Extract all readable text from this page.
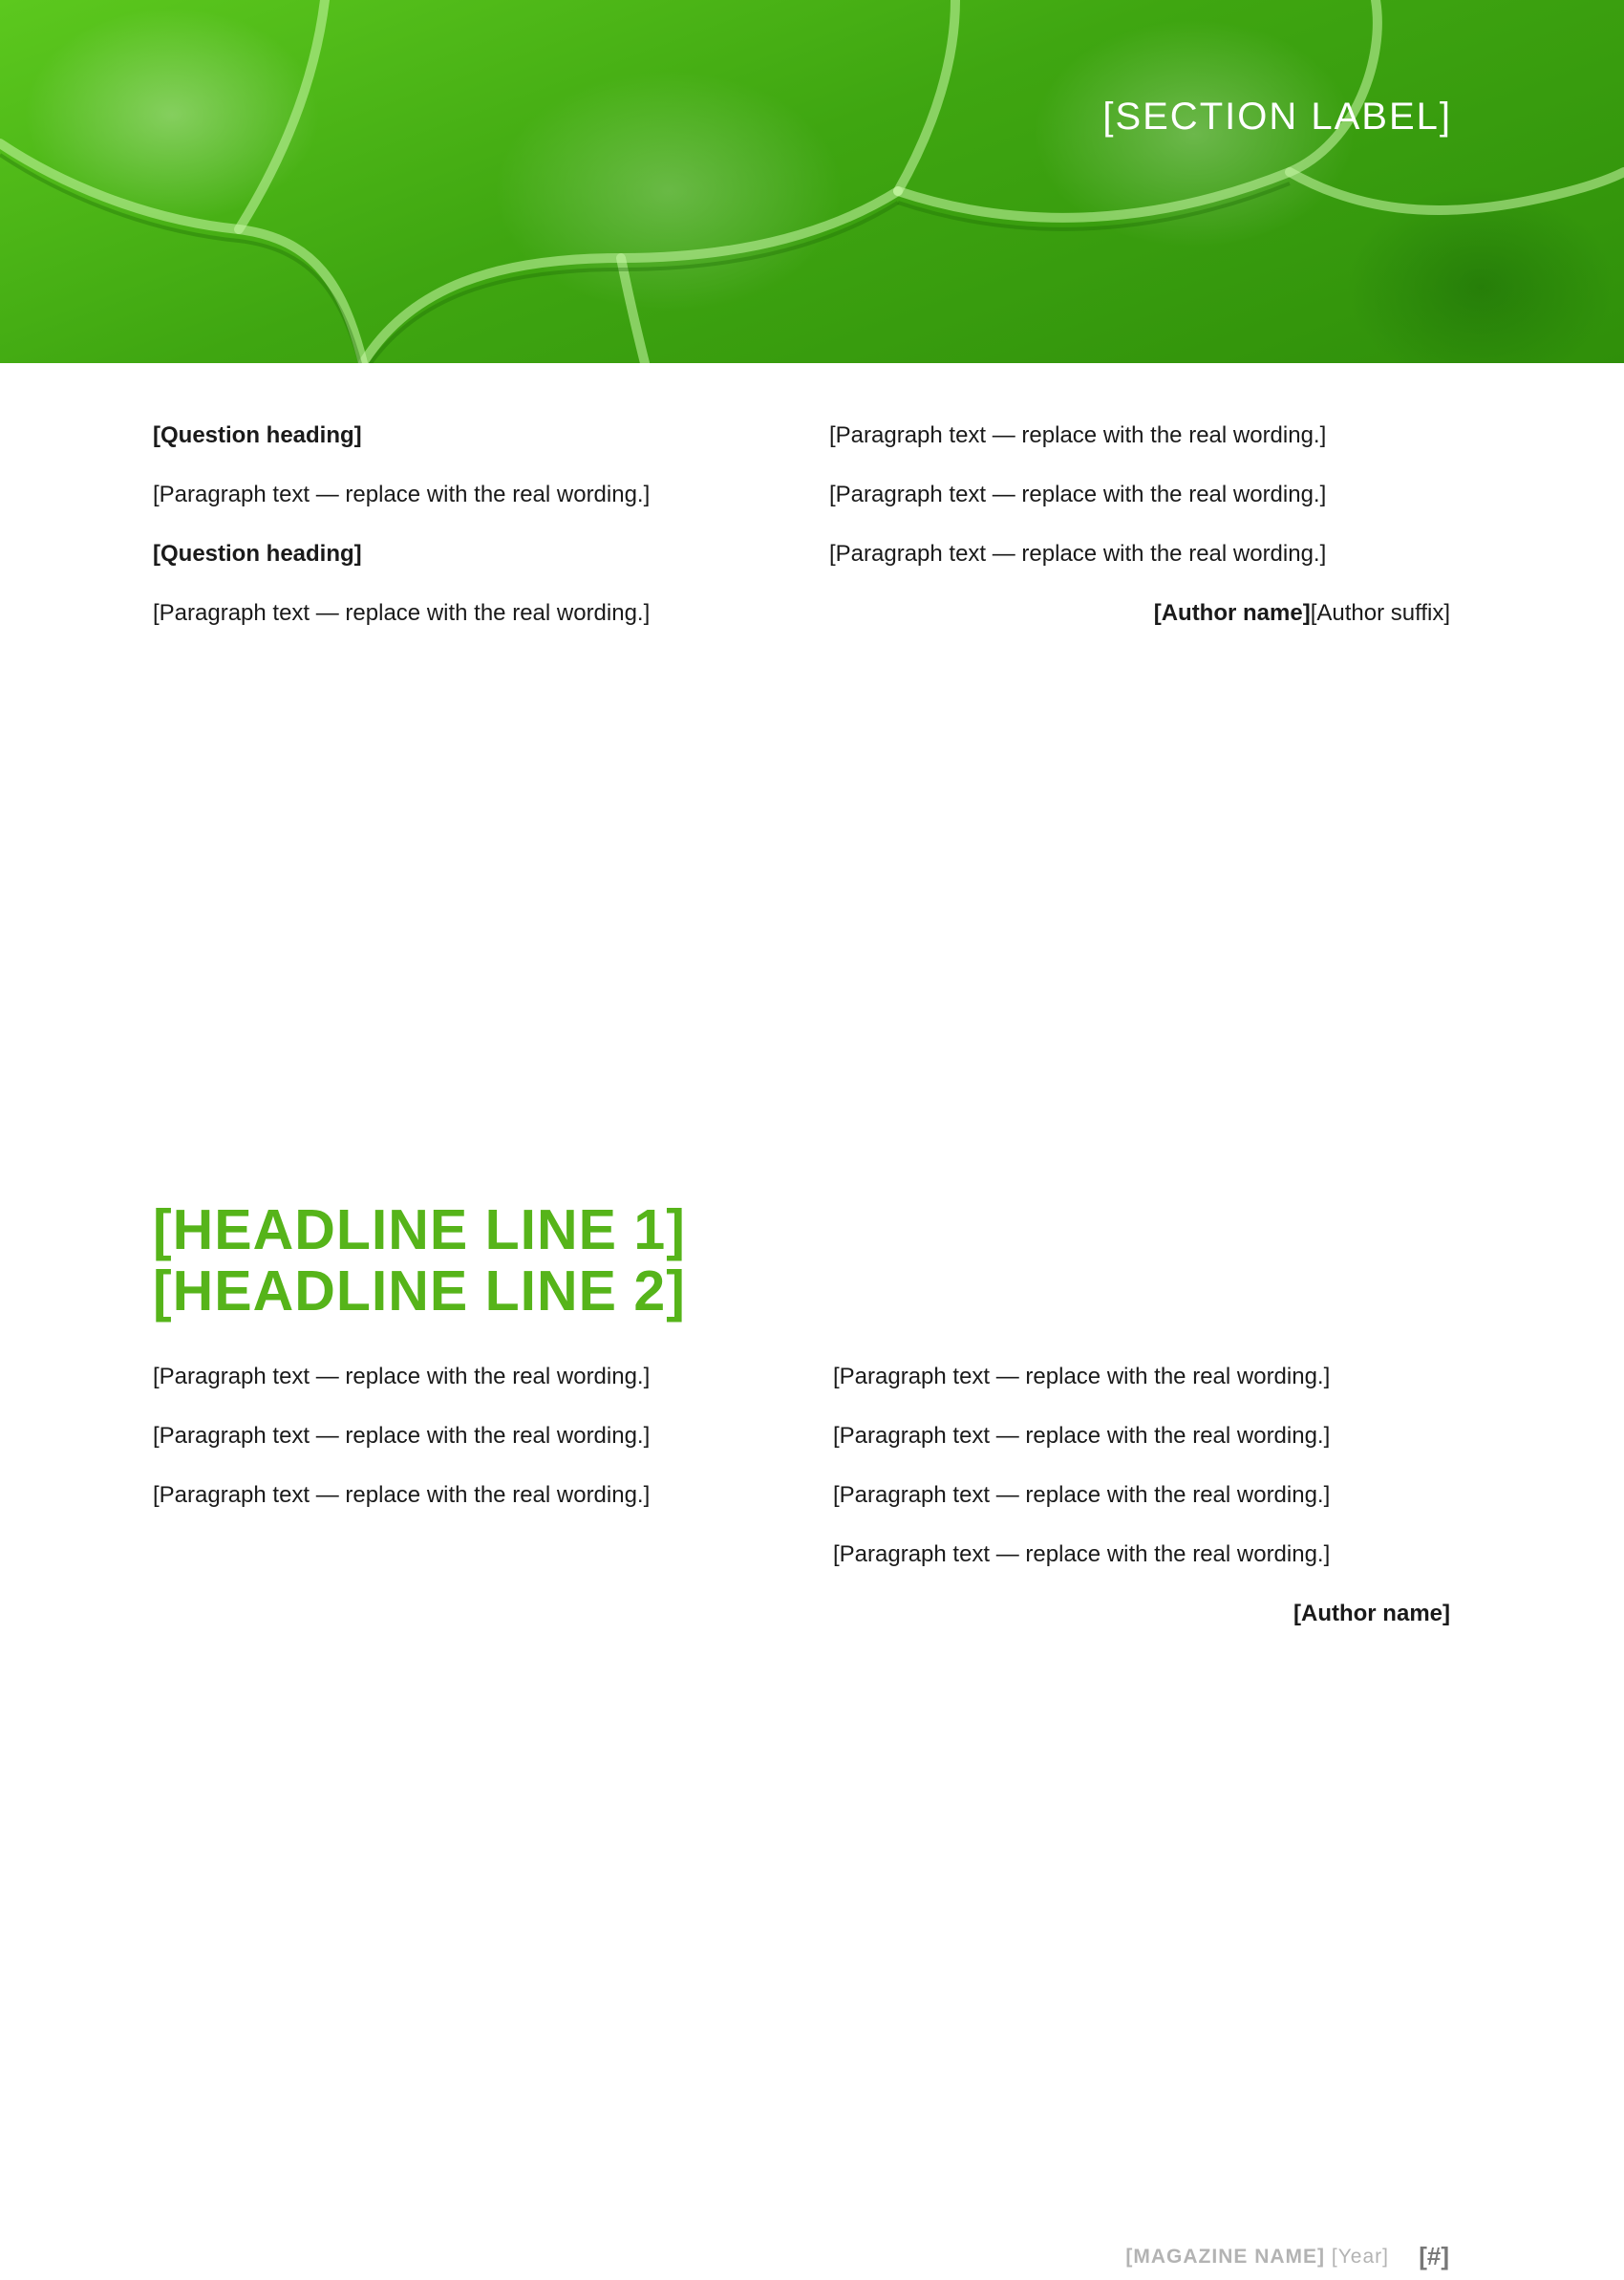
[SECTION LABEL]

[Question heading]

[Paragraph text — replace with the real wording.]

[Question heading]

[Paragraph text — replace with the real wording.]

[Paragraph text — replace with the real wording.]

[Paragraph text — replace with the real wording.]

[Paragraph text — replace with the real wording.]

[Author name][Author suffix]

[HEADLINE LINE 1]
[HEADLINE LINE 2]

[Paragraph text — replace with the real wording.]

[Paragraph text — replace with the real wording.]

[Paragraph text — replace with the real wording.]

[Paragraph text — replace with the real wording.]

[Paragraph text — replace with the real wording.]

[Paragraph text — replace with the real wording.]

[Paragraph text — replace with the real wording.]

[Author name]

[MAGAZINE NAME] [Year] [#]
